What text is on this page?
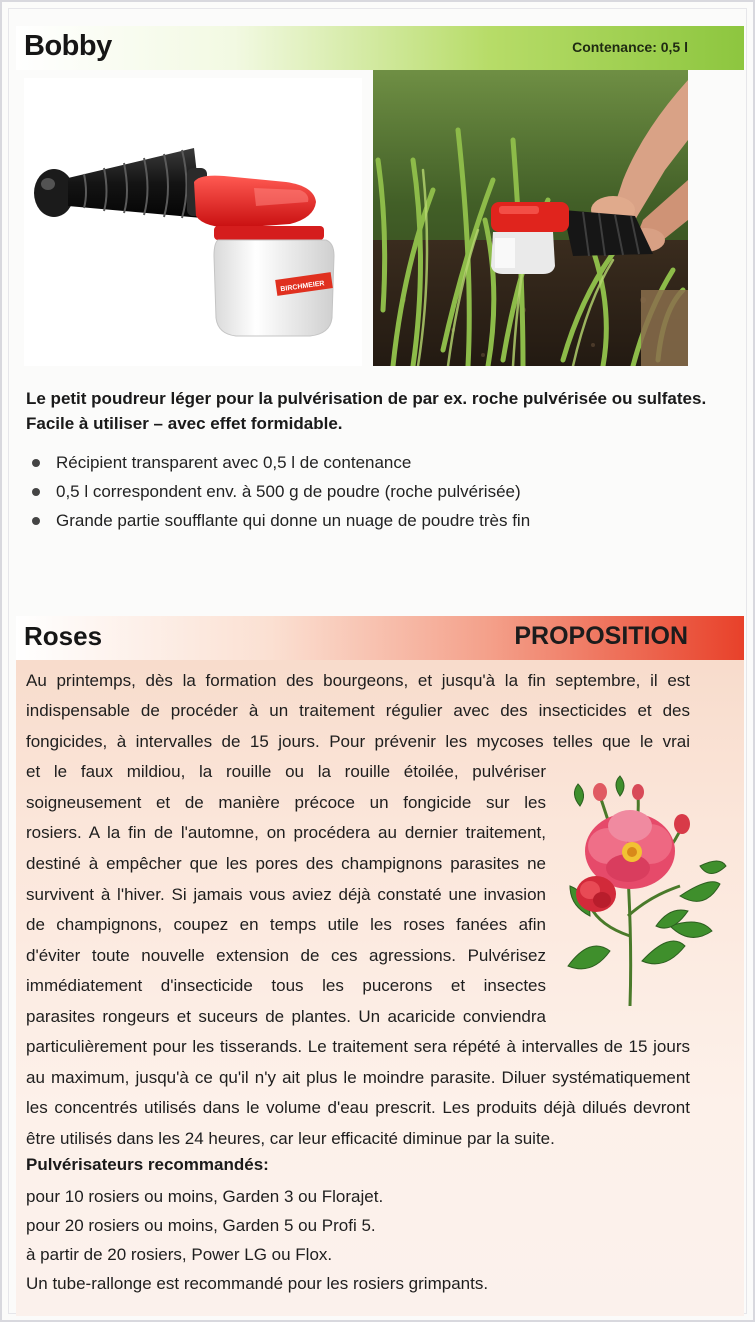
Bobby	Contenance: 0,5 l
BIRCHMEIER
Le petit poudreur léger pour la pulvérisation de par ex. roche pulvérisée ou sulfates. Facile à utiliser – avec effet formidable.
Récipient transparent avec 0,5 l de contenance
0,5 l correspondent env. à 500 g de poudre (roche pulvérisée)
Grande partie soufflante qui donne un nuage de poudre très fin
Roses	PROPOSITION

Au printemps, dès la formation des bourgeons, et jusqu'à la fin septembre, il est

indispensable de procéder à un traitement régulier avec des insecticides et des

fongicides, à intervalles de 15 jours. Pour prévenir les mycoses telles que le vrai

et le faux mildiou, la rouille ou la rouille étoilée, pulvériser

soigneusement et de manière précoce un fongicide sur les

rosiers. A la fin de l'automne, on procédera au dernier traitement,

destiné à empêcher que les pores des champignons parasites ne

survivent à l'hiver. Si jamais vous aviez déjà constaté une invasion

de champignons, coupez en temps utile les roses fanées afin

d'éviter toute nouvelle extension de ces agressions. Pulvérisez

immédiatement d'insecticide tous les pucerons et insectes

parasites rongeurs et suceurs de plantes. Un acaricide conviendra

particulièrement pour les tisserands. Le traitement sera répété à intervalles de 15 jours

au maximum, jusqu'à ce qu'il n'y ait plus le moindre parasite. Diluer systématiquement

les concentrés utilisés dans le volume d'eau prescrit. Les produits déjà dilués devront

être utilisés dans les 24 heures, car leur efficacité diminue par la suite.

Pulvérisateurs recommandés:
pour 10 rosiers ou moins, Garden 3 ou Florajet.
pour 20 rosiers ou moins, Garden 5 ou Profi 5.
à partir de 20 rosiers, Power LG ou Flox.
Un tube-rallonge est recommandé pour les rosiers grimpants.
